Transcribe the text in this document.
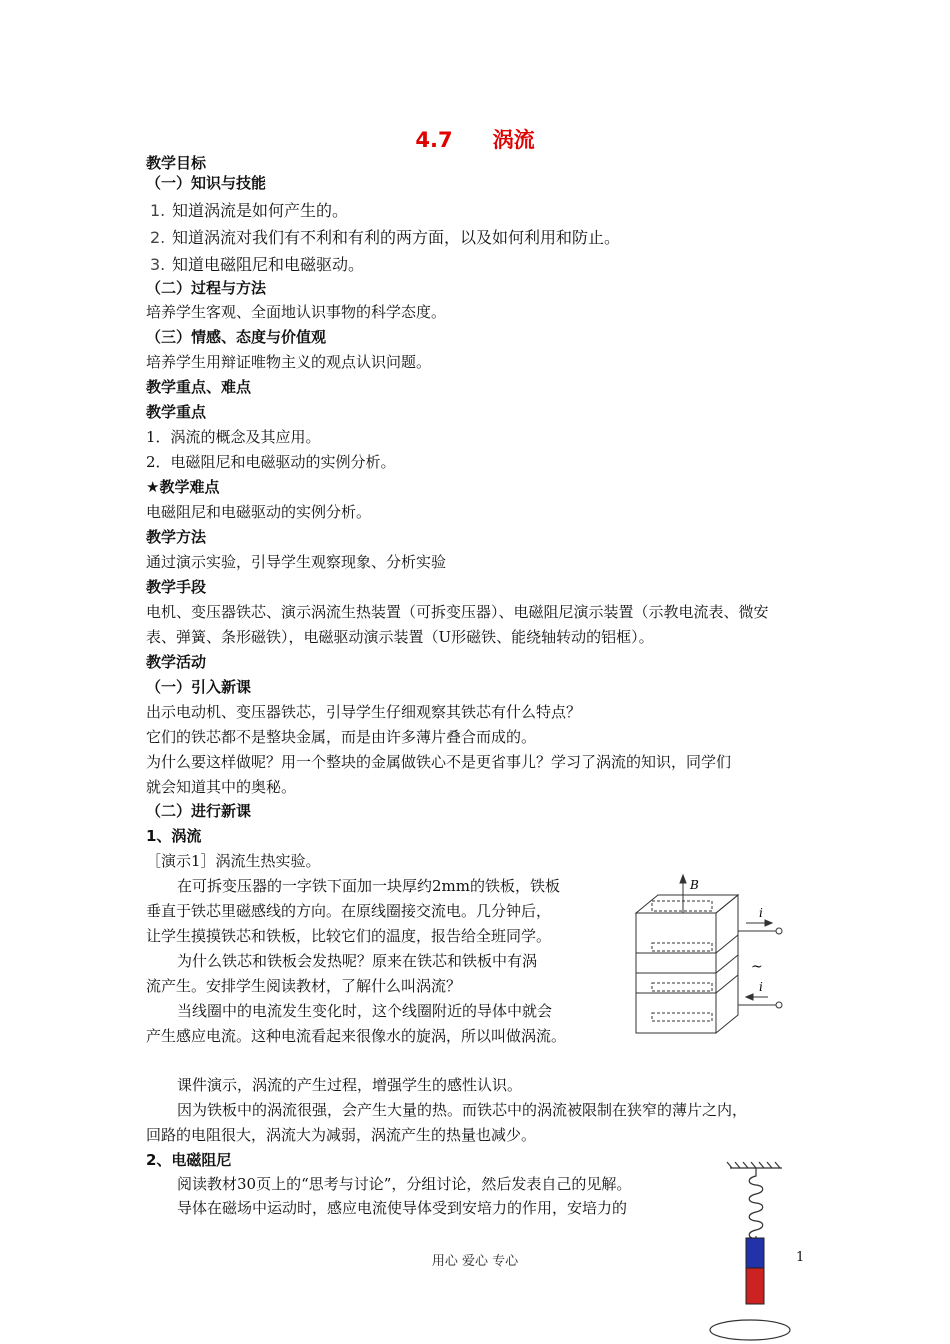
4.7 涡流
教学目标
（一）知识与技能
1. 知道涡流是如何产生的。
2. 知道涡流对我们有不利和有利的两方面，以及如何利用和防止。
3. 知道电磁阻尼和电磁驱动。
（二）过程与方法
培养学生客观、全面地认识事物的科学态度。
（三）情感、态度与价值观
培养学生用辩证唯物主义的观点认识问题。
教学重点、难点
教学重点
1．涡流的概念及其应用。
2．电磁阻尼和电磁驱动的实例分析。
★教学难点
电磁阻尼和电磁驱动的实例分析。
教学方法
通过演示实验，引导学生观察现象、分析实验
教学手段
电机、变压器铁芯、演示涡流生热装置（可拆变压器）、电磁阻尼演示装置（示教电流表、微安
表、弹簧、条形磁铁），电磁驱动演示装置（U形磁铁、能绕轴转动的铝框）。
教学活动
（一）引入新课
出示电动机、变压器铁芯，引导学生仔细观察其铁芯有什么特点？
它们的铁芯都不是整块金属，而是由许多薄片叠合而成的。
为什么要这样做呢？用一个整块的金属做铁心不是更省事儿？学习了涡流的知识，同学们
就会知道其中的奥秘。
（二）进行新课
1、涡流
［演示1］涡流生热实验。
在可拆变压器的一字铁下面加一块厚约2mm的铁板，铁板
垂直于铁芯里磁感线的方向。在原线圈接交流电。几分钟后，
让学生摸摸铁芯和铁板，比较它们的温度，报告给全班同学。
为什么铁芯和铁板会发热呢？原来在铁芯和铁板中有涡
流产生。安排学生阅读教材，了解什么叫涡流？
当线圈中的电流发生变化时，这个线圈附近的导体中就会
产生感应电流。这种电流看起来很像水的旋涡，所以叫做涡流。
B
i
~
i
课件演示，涡流的产生过程，增强学生的感性认识。
因为铁板中的涡流很强，会产生大量的热。而铁芯中的涡流被限制在狭窄的薄片之内，
回路的电阻很大，涡流大为减弱，涡流产生的热量也减少。
2、电磁阻尼
阅读教材30页上的“思考与讨论”，分组讨论，然后发表自己的见解。
导体在磁场中运动时，感应电流使导体受到安培力的作用，安培力的
用心 爱心 专心	1
